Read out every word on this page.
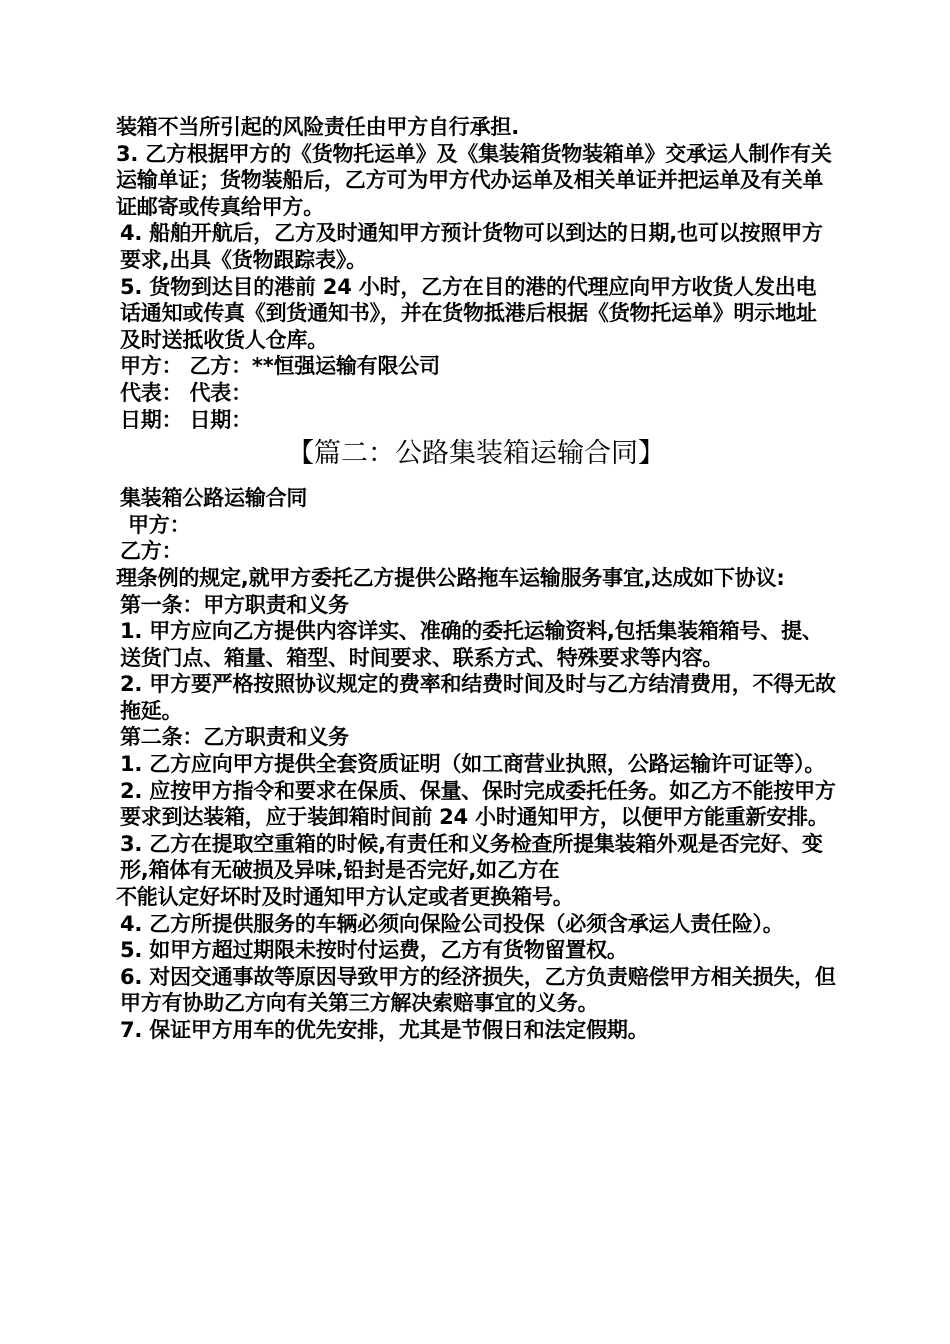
装箱不当所引起的风险责任由甲方自行承担.

3. 乙方根据甲方的《货物托运单》及《集装箱货物装箱单》交承运人制作有关运输单证；货物装船后，乙方可为甲方代办运单及相关单证并把运单及有关单证邮寄或传真给甲方。

4. 船舶开航后，乙方及时通知甲方预计货物可以到达的日期,也可以按照甲方要求,出具《货物跟踪表》。

5. 货物到达目的港前 24 小时，乙方在目的港的代理应向甲方收货人发出电话通知或传真《到货通知书》，并在货物抵港后根据《货物托运单》明示地址及时送抵收货人仓库。

甲方： 乙方：**恒强运输有限公司

代表： 代表：

日期： 日期：

【篇二：公路集装箱运输合同】

集装箱公路运输合同

甲方：

乙方：

理条例的规定,就甲方委托乙方提供公路拖车运输服务事宜,达成如下协议:

第一条：甲方职责和义务

1. 甲方应向乙方提供内容详实、准确的委托运输资料,包括集装箱箱号、提、送货门点、箱量、箱型、时间要求、联系方式、特殊要求等内容。

2. 甲方要严格按照协议规定的费率和结费时间及时与乙方结清费用，不得无故拖延。

第二条：乙方职责和义务

1. 乙方应向甲方提供全套资质证明（如工商营业执照，公路运输许可证等）。

2. 应按甲方指令和要求在保质、保量、保时完成委托任务。如乙方不能按甲方要求到达装箱，应于装卸箱时间前 24 小时通知甲方，以便甲方能重新安排。

3. 乙方在提取空重箱的时候,有责任和义务检查所提集装箱外观是否完好、变形,箱体有无破损及异味,铅封是否完好,如乙方在

不能认定好坏时及时通知甲方认定或者更换箱号。

4. 乙方所提供服务的车辆必须向保险公司投保（必须含承运人责任险）。

5. 如甲方超过期限未按时付运费，乙方有货物留置权。

6. 对因交通事故等原因导致甲方的经济损失，乙方负责赔偿甲方相关损失，但甲方有协助乙方向有关第三方解决索赔事宜的义务。

7. 保证甲方用车的优先安排，尤其是节假日和法定假期。
